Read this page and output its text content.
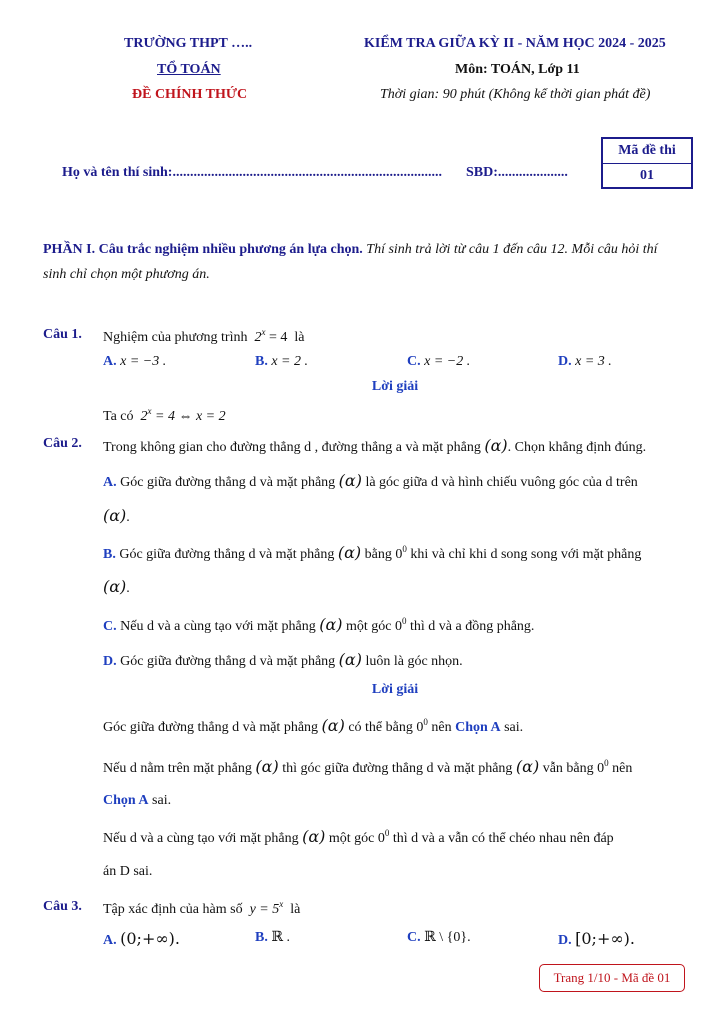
TRƯỜNG THPT …..
TỔ TOÁN
ĐỀ CHÍNH THỨC
KIỂM TRA GIỮA KỲ II - NĂM HỌC 2024 - 2025
Môn: TOÁN, Lớp 11
Thời gian: 90 phút (Không kể thời gian phát đề)
Họ và tên thí sinh:............................................................................. SBD:....................
Mã đề thi
01
PHẦN I. Câu trắc nghiệm nhiều phương án lựa chọn. Thí sinh trả lời từ câu 1 đến câu 12. Mỗi câu hỏi thí
sinh chỉ chọn một phương án.
Câu 1. Nghiệm của phương trình $2^x = 4$ là
A. x = −3 .	B. x = 2 .	C. x = −2 .	D. x = 3 .
Lời giải
Ta có $2^x = 4$ ⇔ x = 2
Câu 2. Trong không gian cho đường thẳng d , đường thẳng a và mặt phẳng (α). Chọn khẳng định đúng.
A. Góc giữa đường thẳng d và mặt phẳng (α) là góc giữa d và hình chiếu vuông góc của d trên
(α).
B. Góc giữa đường thẳng d và mặt phẳng (α) bằng $0^0$ khi và chỉ khi d song song với mặt phẳng
(α).
C. Nếu d và a cùng tạo với mặt phẳng (α) một góc $0^0$ thì d và a đồng phẳng.
D. Góc giữa đường thẳng d và mặt phẳng (α) luôn là góc nhọn.
Lời giải
Góc giữa đường thẳng d và mặt phẳng (α) có thể bằng $0^0$ nên Chọn A sai.
Nếu d nằm trên mặt phẳng (α) thì góc giữa đường thẳng d và mặt phẳng (α) vẫn bằng $0^0$ nên
Chọn A sai.
Nếu d và a cùng tạo với mặt phẳng (α) một góc $0^0$ thì d và a vẫn có thể chéo nhau nên đáp
án D sai.
Câu 3. Tập xác định của hàm số $y = 5^x$ là
A. (0;+∞).	B. ℝ .	C. ℝ \ {0}.	D. [0;+∞).
Trang 1/10 - Mã đề 01
